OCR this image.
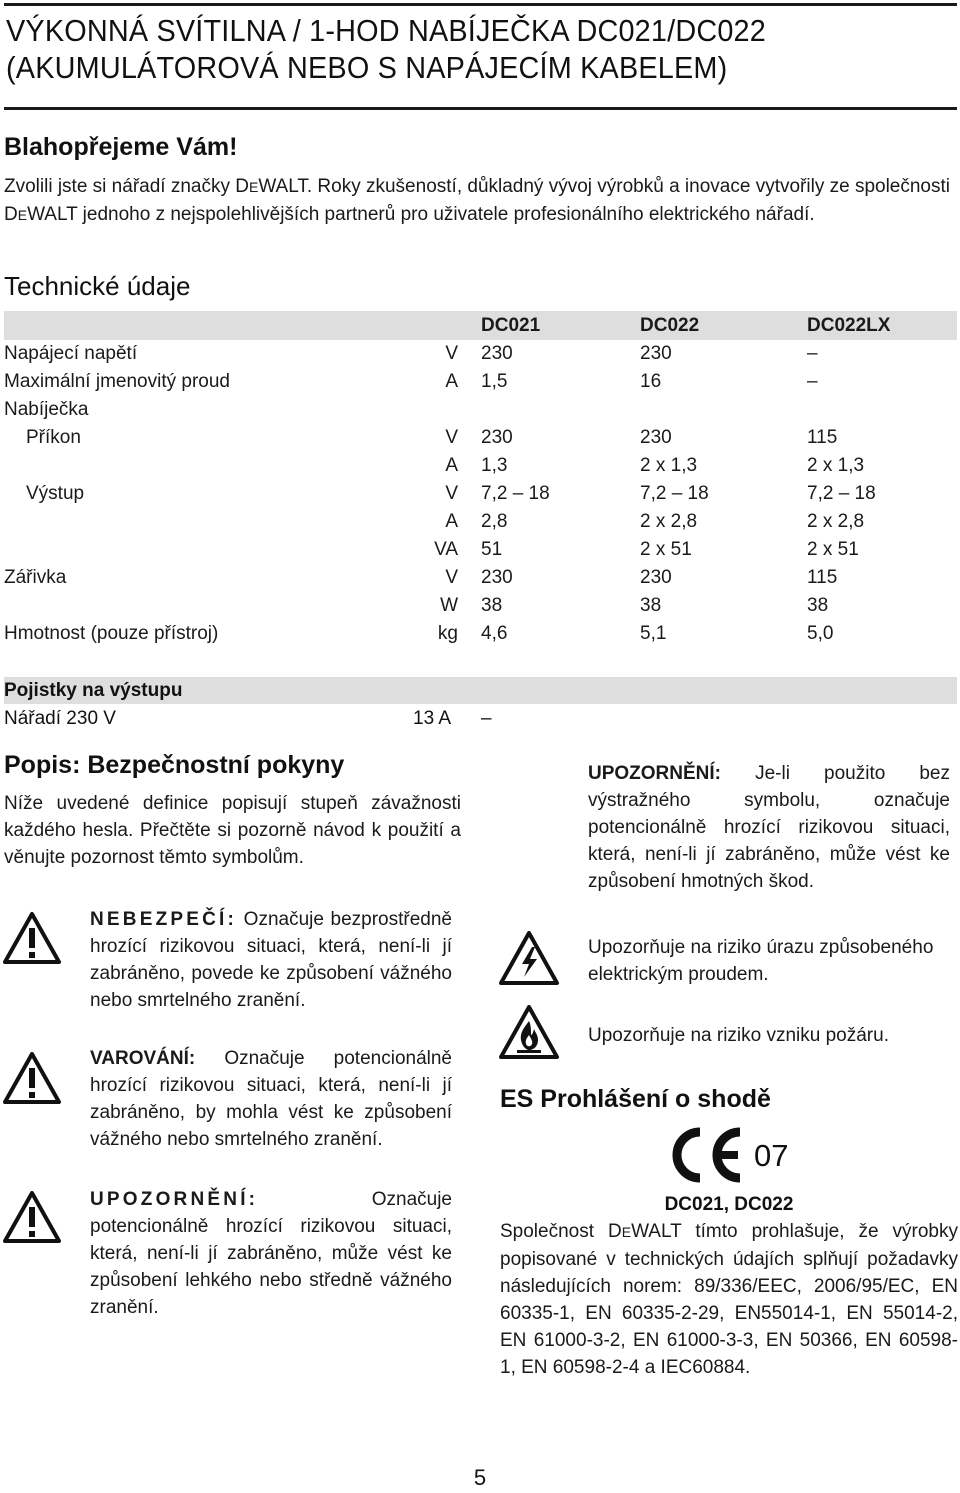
VÝKONNÁ SVÍTILNA / 1-HOD NABÍJEČKA DC021/DC022
(AKUMULÁTOROVÁ NEBO S NAPÁJECÍM KABELEM)
Blahopřejeme Vám!
Zvolili jste si nářadí značky DEWALT. Roky zkušeností, důkladný vývoj výrobků a inovace vytvořily ze společnosti DEWALT jednoho z nejspolehlivějších partnerů pro uživatele profesionálního elektrického nářadí.
Technické údaje
DC021	DC022	DC022LX
Napájecí napětí	V 230	230	–
Maximální jmenovitý proud	A 1,5	16	–
Nabíječka
Příkon	V 230	230	115
A 1,3	2 x 1,3	2 x 1,3
Výstup	V 7,2 – 18	7,2 – 18	7,2 – 18
A 2,8	2 x 2,8	2 x 2,8
VA 51	2 x 51	2 x 51
Zářivka	V 230	230	115
W 38	38	38
Hmotnost (pouze přístroj)	kg 4,6	5,1	5,0
Pojistky na výstupu
Nářadí 230 V	13 A –
Popis: Bezpečnostní pokyny
Níže uvedené definice popisují stupeň závažnosti každého hesla. Přečtěte si pozorně návod k použití a věnujte pozornost těmto symbolům.
NEBEZPEČÍ: Označuje bezprostředně hrozící rizikovou situaci, která, není-li jí zabráněno, povede ke způsobení vážného nebo smrtelného zranění.
VAROVÁNÍ: Označuje potencionálně hrozící rizikovou situaci, která, není-li jí zabráněno, by mohla vést ke způsobení vážného nebo smrtelného zranění.
UPOZORNĚNÍ:	Označuje potencionálně hrozící rizikovou situaci, která, není-li jí zabráněno, může vést ke způsobení lehkého nebo středně vážného zranění.
UPOZORNĚNÍ: Je-li použito bez výstražného symbolu, označuje potencionálně hrozící rizikovou situaci, která, není-li jí zabráněno, může vést ke způsobení hmotných škod.
Upozorňuje na riziko úrazu způsobeného elektrickým proudem.
Upozorňuje na riziko vzniku požáru.
ES Prohlášení o shodě
07
DC021, DC022
Společnost DEWALT tímto prohlašuje, že výrobky popisované v technických údajích splňují požadavky následujících norem: 89/336/EEC, 2006/95/EC, EN 60335-1, EN 60335-2-29, EN55014-1, EN 55014-2, EN 61000-3-2, EN 61000-3-3, EN 50366, EN 60598-1, EN 60598-2-4 a IEC60884.
5
